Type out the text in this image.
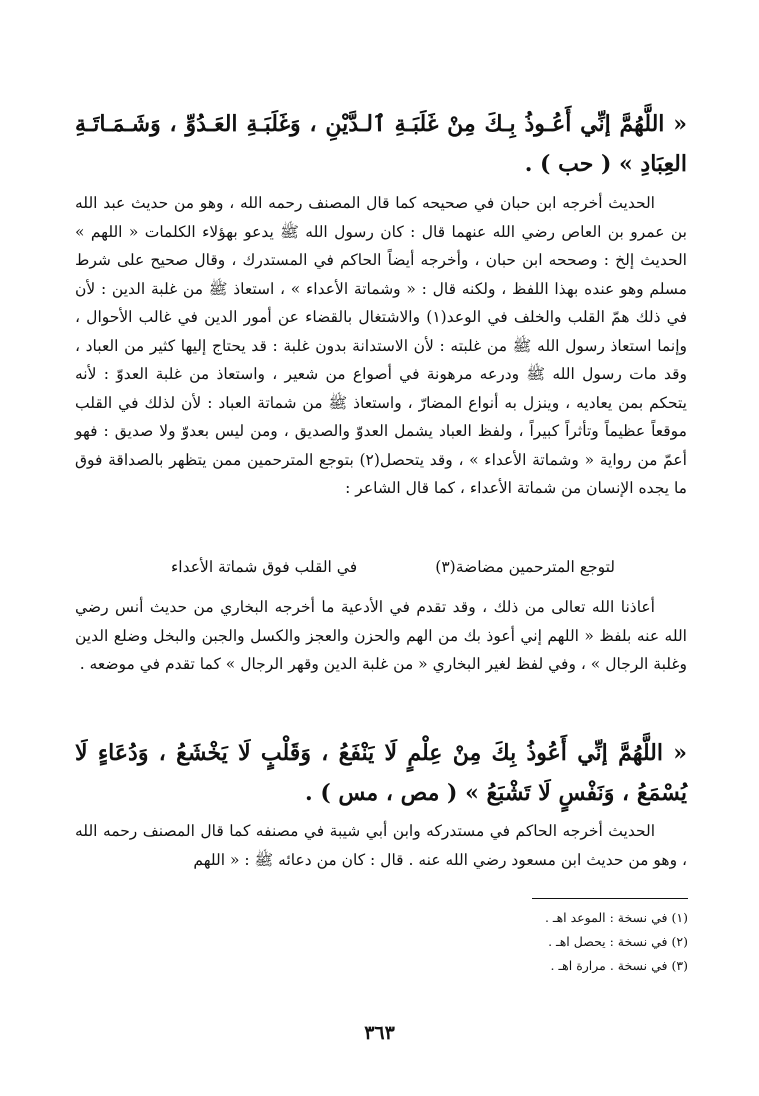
« اللَّهُمَّ إنِّي أَعُـوذُ بِـكَ مِنْ غَلَبَـةِ ٱلـدَّيْنِ ، وَغَلَبَـةِ العَـدُوِّ ، وَشَـمَـاتَـةِ العِبَادِ » ( حب ) .
الحديث أخرجه ابن حبان في صحيحه كما قال المصنف رحمه الله ، وهو من حديث عبد الله بن عمرو بن العاص رضي الله عنهما قال : كان رسول الله ﷺ يدعو بهؤلاء الكلمات « اللهم » الحديث إلخ : وصححه ابن حبان ، وأخرجه أيضاً الحاكم في المستدرك ، وقال صحيح على شرط مسلم وهو عنده بهذا اللفظ ، ولكنه قال : « وشماتة الأعداء » ، استعاذ ﷺ من غلبة الدين : لأن في ذلك همّ القلب والخلف في الوعد(١) والاشتغال بالقضاء عن أمور الدين في غالب الأحوال ، وإنما استعاذ رسول الله ﷺ من غلبته : لأن الاستدانة بدون غلبة : قد يحتاج إليها كثير من العباد ، وقد مات رسول الله ﷺ ودرعه مرهونة في أصواع من شعير ، واستعاذ من غلبة العدوّ : لأنه يتحكم بمن يعاديه ، وينزل به أنواع المضارّ ، واستعاذ ﷺ من شماتة العباد : لأن لذلك في القلب موقعاً عظيماً وتأثراً كبيراً ، ولفظ العباد يشمل العدوّ والصديق ، ومن ليس بعدوّ ولا صديق : فهو أعمّ من رواية « وشماتة الأعداء » ، وقد يتحصل(٢) بتوجع المترحمين ممن يتظهر بالصداقة فوق ما يجده الإنسان من شماتة الأعداء ، كما قال الشاعر :
لتوجع المترحمين مضاضة(٣)
في القلب فوق شماتة الأعداء
أعاذنا الله تعالى من ذلك ، وقد تقدم في الأدعية ما أخرجه البخاري من حديث أنس رضي الله عنه بلفظ « اللهم إني أعوذ بك من الهم والحزن والعجز والكسل والجبن والبخل وضلع الدين وغلبة الرجال » ، وفي لفظ لغير البخاري « من غلبة الدين وقهر الرجال » كما تقدم في موضعه .
« اللَّهُمَّ إنِّي أَعُوذُ بِكَ مِنْ عِلْمٍ لَا يَنْفَعُ ، وَقَلْبٍ لَا يَخْشَعُ ، وَدُعَاءٍ لَا يُسْمَعُ ، وَنَفْسٍ لَا تَشْبَعُ » ( مص ، مس ) .
الحديث أخرجه الحاكم في مستدركه وابن أبي شيبة في مصنفه كما قال المصنف رحمه الله ، وهو من حديث ابن مسعود رضي الله عنه . قال : كان من دعائه ﷺ : « اللهم
(١) في نسخة : الموعد اهـ .
(٢) في نسخة : يحصل اهـ .
(٣) في نسخة . مرارة اهـ .
٣٦٣
